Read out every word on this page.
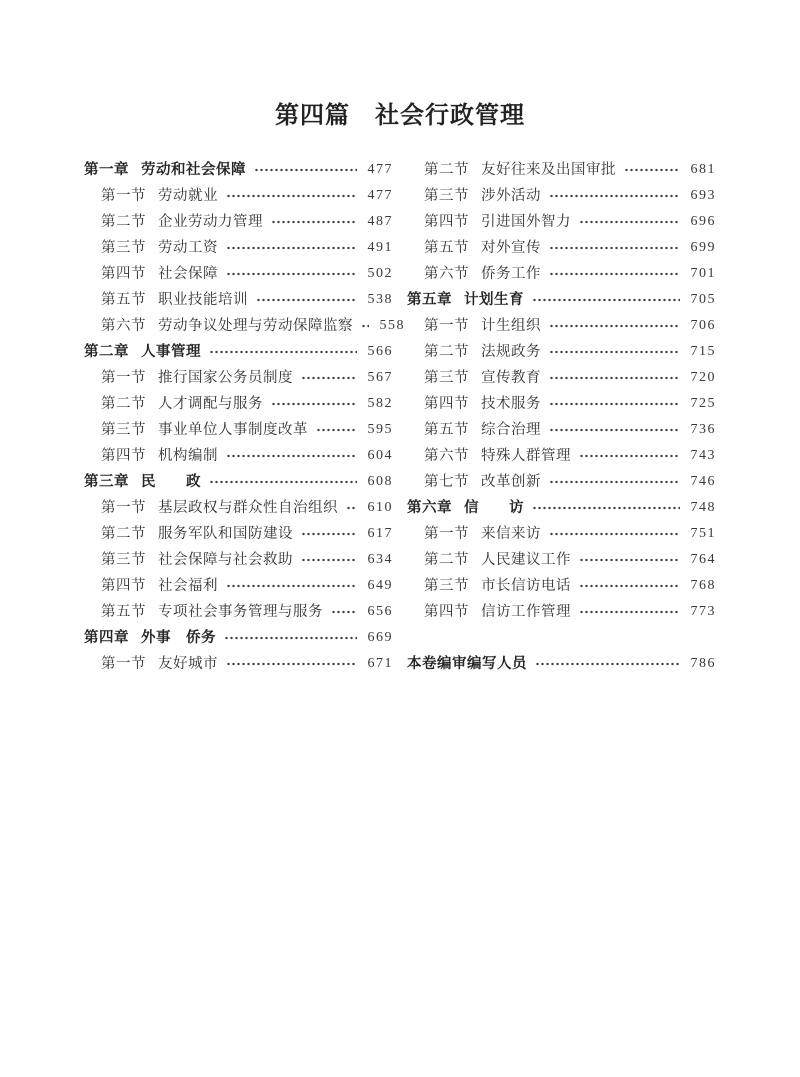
第四篇　社会行政管理
第一章 劳动和社会保障	477
第一节 劳动就业	477
第二节 企业劳动力管理	487
第三节 劳动工资	491
第四节 社会保障	502
第五节 职业技能培训	538
第六节 劳动争议处理与劳动保障监察	558
第二章 人事管理	566
第一节 推行国家公务员制度	567
第二节 人才调配与服务	582
第三节 事业单位人事制度改革	595
第四节 机构编制	604
第三章 民　　政	608
第一节 基层政权与群众性自治组织	610
第二节 服务军队和国防建设	617
第三节 社会保障与社会救助	634
第四节 社会福利	649
第五节 专项社会事务管理与服务	656
第四章 外事　侨务	669
第一节 友好城市	671
第二节 友好往来及出国审批	681
第三节 涉外活动	693
第四节 引进国外智力	696
第五节 对外宣传	699
第六节 侨务工作	701
第五章 计划生育	705
第一节 计生组织	706
第二节 法规政务	715
第三节 宣传教育	720
第四节 技术服务	725
第五节 综合治理	736
第六节 特殊人群管理	743
第七节 改革创新	746
第六章 信　　访	748
第一节 来信来访	751
第二节 人民建议工作	764
第三节 市长信访电话	768
第四节 信访工作管理	773
本卷编审编写人员	786
